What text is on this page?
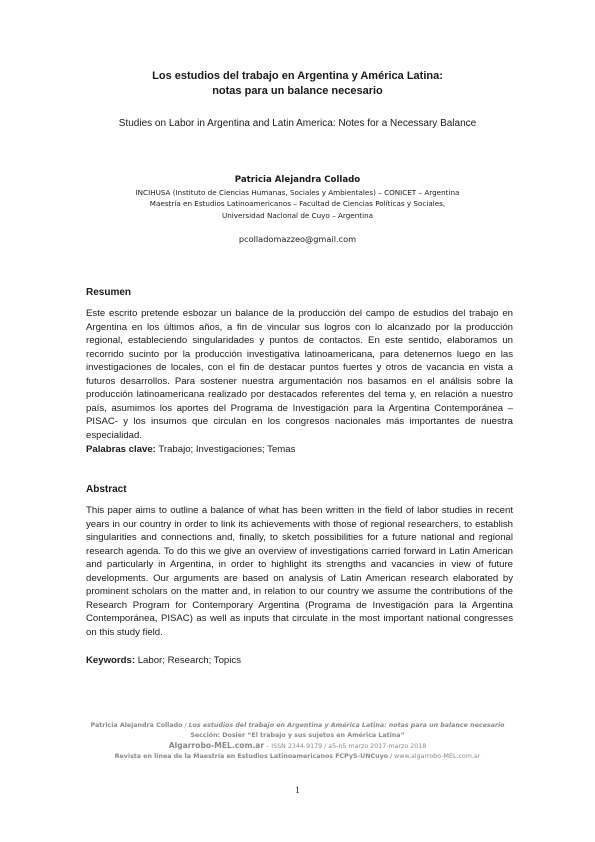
Los estudios del trabajo en Argentina y América Latina:
notas para un balance necesario
Studies on Labor in Argentina and Latin America: Notes for a Necessary Balance
Patricia Alejandra Collado
INCIHUSA (Instituto de Ciencias Humanas, Sociales y Ambientales) – CONICET – Argentina
Maestría en Estudios Latinoamericanos – Facultad de Ciencias Políticas y Sociales,
Universidad Nacional de Cuyo – Argentina
pcolladomazzeo@gmail.com
Resumen
Este escrito pretende esbozar un balance de la producción del campo de estudios del trabajo en Argentina en los últimos años, a fin de vincular sus logros con lo alcanzado por la producción regional, estableciendo singularidades y puntos de contactos. En este sentido, elaboramos un recorrido sucinto por la producción investigativa latinoamericana, para detenernos luego en las investigaciones de locales, con el fin de destacar puntos fuertes y otros de vacancia en vista a futuros desarrollos. Para sostener nuestra argumentación nos basamos en el análisis sobre la producción latinoamericana realizado por destacados referentes del tema y, en relación a nuestro país, asumimos los aportes del Programa de Investigación para la Argentina Contemporánea –PISAC- y los insumos que circulan en los congresos nacionales más importantes de nuestra especialidad.
Palabras clave: Trabajo; Investigaciones; Temas
Abstract
This paper aims to outline a balance of what has been written in the field of labor studies in recent years in our country in order to link its achievements with those of regional researchers, to establish singularities and connections and, finally, to sketch possibilities for a future national and regional research agenda. To do this we give an overview of investigations carried forward in Latin American and particularly in Argentina, in order to highlight its strengths and vacancies in view of future developments. Our arguments are based on analysis of Latin American research elaborated by prominent scholars on the matter and, in relation to our country we assume the contributions of the Research Program for Contemporary Argentina (Programa de Investigación para la Argentina Contemporánea, PISAC) as well as inputs that circulate in the most important national congresses on this study field.
Keywords: Labor; Research; Topics
Patricia Alejandra Collado / Los estudios del trabajo en Argentina y América Latina: notas para un balance necesario
Sección: Dosier “El trabajo y sus sujetos en América Latina”
Algarrobo-MEL.com.ar – ISSN 2344-9179 / a5-n5 marzo 2017-marzo 2018
Revista en línea de la Maestría en Estudios Latinoamericanos FCPyS-UNCuyo / www.algarrobo-MEL.com.ar
1
